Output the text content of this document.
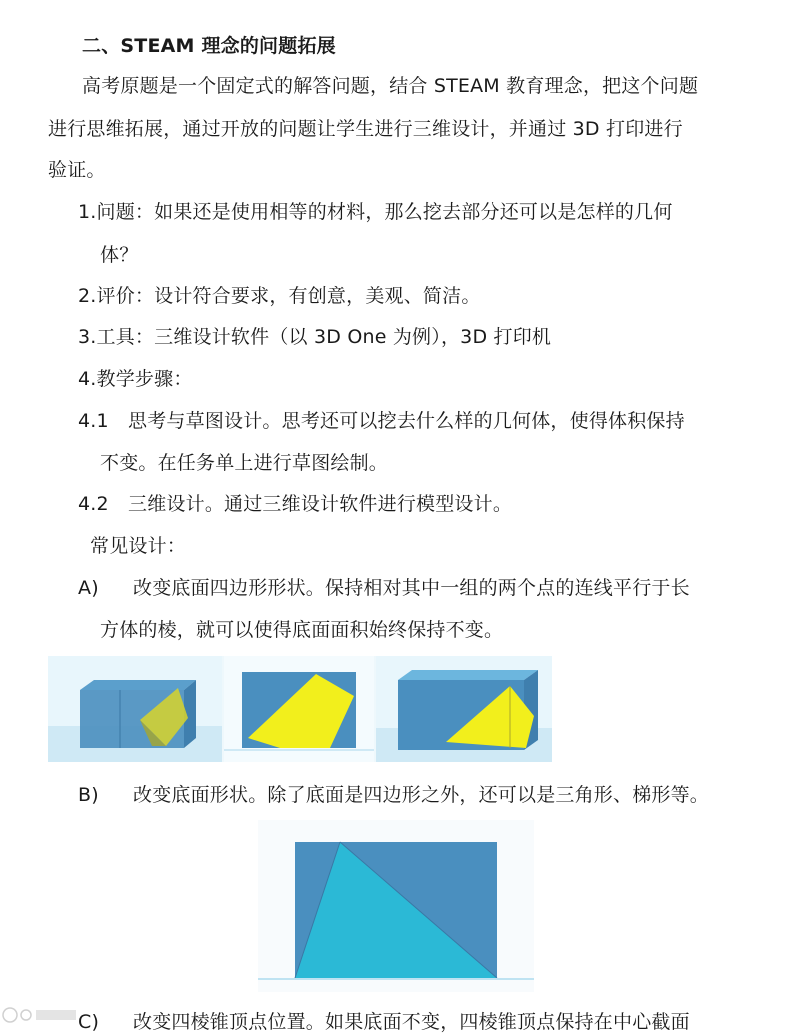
二、STEAM 理念的问题拓展
高考原题是一个固定式的解答问题，结合 STEAM 教育理念，把这个问题
进行思维拓展，通过开放的问题让学生进行三维设计，并通过 3D 打印进行
验证。
1.问题：如果还是使用相等的材料，那么挖去部分还可以是怎样的几何
体？
2.评价：设计符合要求，有创意，美观、简洁。
3.工具：三维设计软件（以 3D One 为例），3D 打印机
4.教学步骤：
4.1　思考与草图设计。思考还可以挖去什么样的几何体，使得体积保持
不变。在任务单上进行草图绘制。
4.2　三维设计。通过三维设计软件进行模型设计。
常见设计：
A) 改变底面四边形形状。保持相对其中一组的两个点的连线平行于长
方体的棱，就可以使得底面面积始终保持不变。
B) 改变底面形状。除了底面是四边形之外，还可以是三角形、梯形等。
C) 改变四棱锥顶点位置。如果底面不变，四棱锥顶点保持在中心截面
